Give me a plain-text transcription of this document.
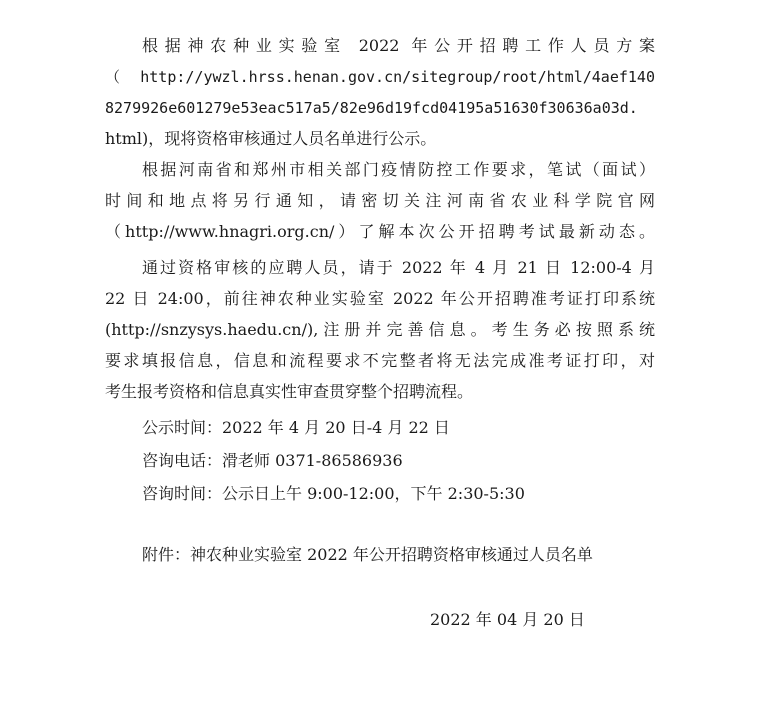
根据神农种业实验室 2022 年公开招聘工作人员方案
（http://ywzl.hrss.henan.gov.cn/sitegroup/root/html/4aef140
8279926e601279e53eac517a5/82e96d19fcd04195a51630f30636a03d.
html)，现将资格审核通过人员名单进行公示。
根据河南省和郑州市相关部门疫情防控工作要求，笔试（面试）
时间和地点将另行通知，请密切关注河南省农业科学院官网
（http://www.hnagri.org.cn/）了解本次公开招聘考试最新动态。
通过资格审核的应聘人员，请于 2022 年 4 月 21 日 12:00-4 月
22 日 24:00，前往神农种业实验室 2022 年公开招聘准考证打印系统
(http://snzysys.haedu.cn/),注册并完善信息。考生务必按照系统
要求填报信息，信息和流程要求不完整者将无法完成准考证打印，对
考生报考资格和信息真实性审查贯穿整个招聘流程。
公示时间：2022 年 4 月 20 日-4 月 22 日
咨询电话：滑老师 0371-86586936
咨询时间：公示日上午 9:00-12:00，下午 2:30-5:30
附件：神农种业实验室 2022 年公开招聘资格审核通过人员名单
2022 年 04 月 20 日
